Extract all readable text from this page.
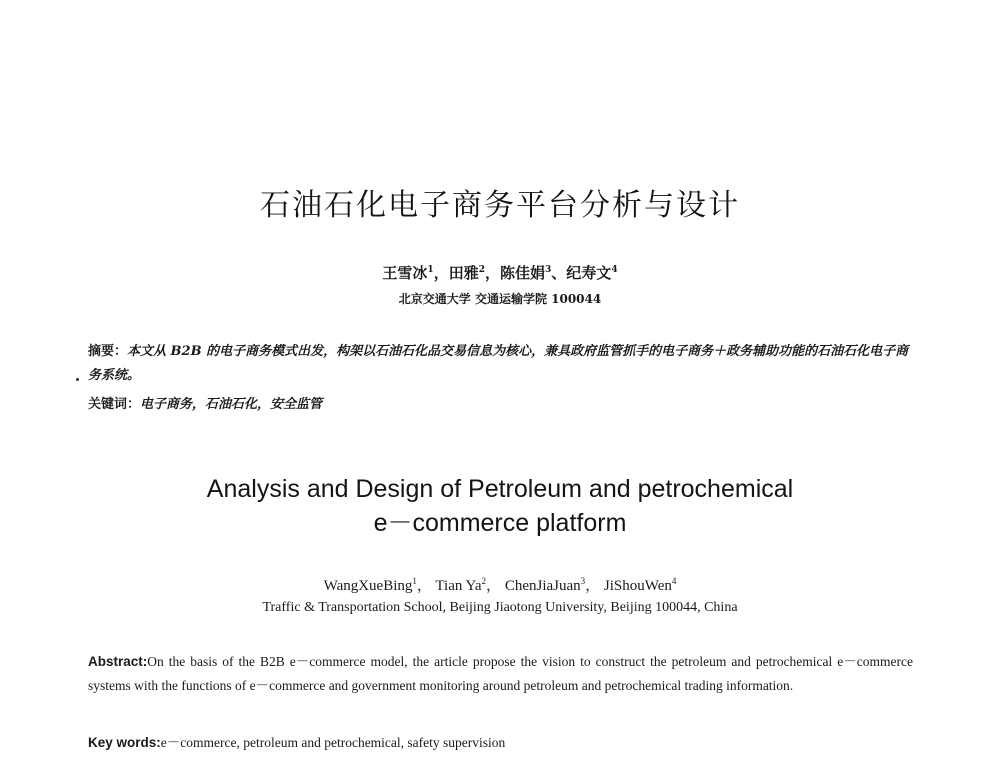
石油石化电子商务平台分析与设计
王雪冰$^1$，田雅$^2$，陈佳娟$^3$、纪寿文$^4$
北京交通大学 交通运输学院 100044
摘要：本文从 B2B 的电子商务模式出发，构架以石油石化品交易信息为核心，兼具政府监管抓手的电子商务＋政务辅助功能的石油石化电子商务系统。
关键词：电子商务，石油石化，安全监管
Analysis and Design of Petroleum and petrochemical
e－commerce platform
WangXueBing$^1$， Tian Ya$^2$， ChenJiaJuan$^3$， JiShouWen$^4$
Traffic & Transportation School, Beijing Jiaotong University, Beijing 100044, China
Abstract:On the basis of the B2B e－commerce model, the article propose the vision to construct the petroleum and petrochemical e－commerce systems with the functions of e－commerce and government monitoring around petroleum and petrochemical trading information.
Key words:e－commerce, petroleum and petrochemical, safety supervision
